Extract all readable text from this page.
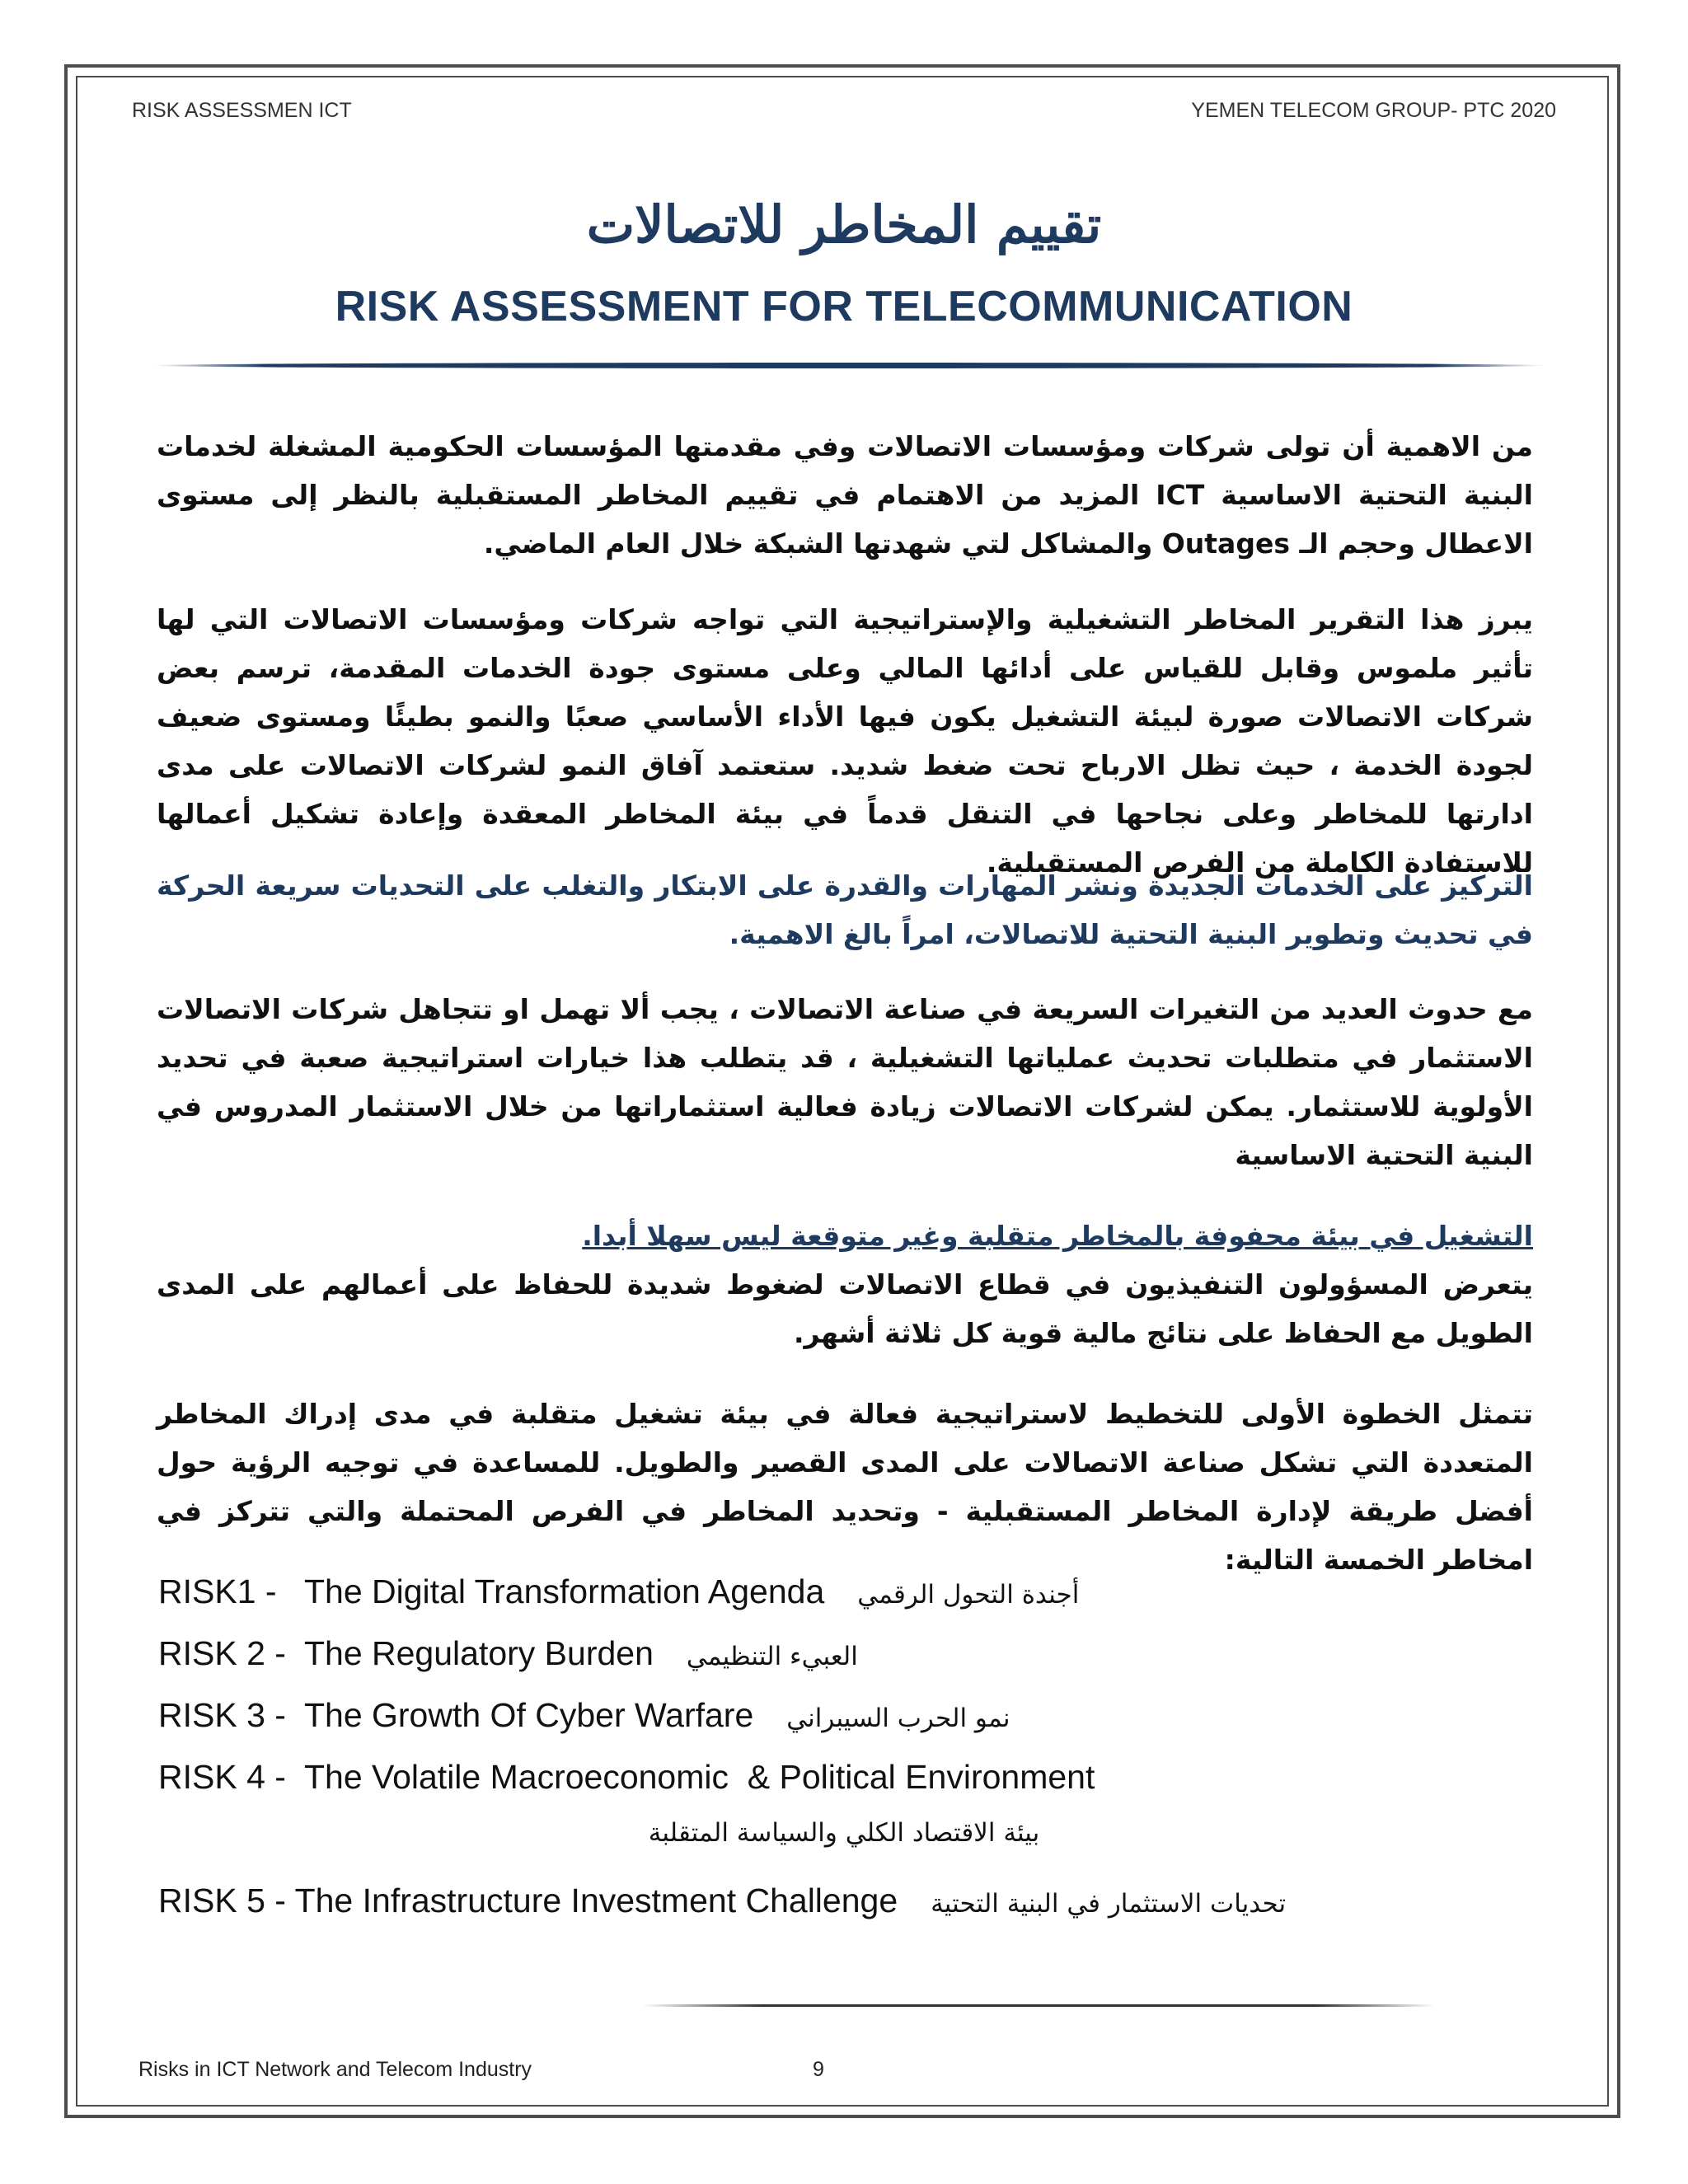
RISK ASSESSMEN ICT	YEMEN TELECOM GROUP- PTC 2020
تقييم المخاطر للاتصالات
RISK ASSESSMENT FOR TELECOMMUNICATION

من الاهمية أن تولى شركات ومؤسسات الاتصالات وفي مقدمتها المؤسسات الحكومية المشغلة لخدمات البنية التحتية الاساسية ICT المزيد من الاهتمام في تقييم المخاطر المستقبلية بالنظر إلى مستوى الاعطال وحجم الـ Outages والمشاكل لتي شهدتها الشبكة خلال العام الماضي.

يبرز هذا التقرير المخاطر التشغيلية والإستراتيجية التي تواجه شركات ومؤسسات الاتصالات التي لها تأثير ملموس وقابل للقياس على أدائها المالي وعلى مستوى جودة الخدمات المقدمة، ترسم بعض شركات الاتصالات صورة لبيئة التشغيل يكون فيها الأداء الأساسي صعبًا والنمو بطيئًا ومستوى ضعيف لجودة الخدمة ، حيث تظل الارباح تحت ضغط شديد. ستعتمد آفاق النمو لشركات الاتصالات على مدى ادارتها للمخاطر وعلى نجاحها في التنقل قدماً في بيئة المخاطر المعقدة وإعادة تشكيل أعمالها للاستفادة الكاملة من الفرص المستقبلية.

التركيز على الخدمات الجديدة ونشر المهارات والقدرة على الابتكار والتغلب على التحديات سريعة الحركة في تحديث وتطوير البنية التحتية للاتصالات، امراً بالغ الاهمية.

مع حدوث العديد من التغيرات السريعة في صناعة الاتصالات ، يجب ألا تهمل او تتجاهل شركات الاتصالات الاستثمار في متطلبات تحديث عملياتها التشغيلية ، قد يتطلب هذا خيارات استراتيجية صعبة في تحديد الأولوية للاستثمار. يمكن لشركات الاتصالات زيادة فعالية استثماراتها من خلال الاستثمار المدروس في البنية التحتية الاساسية

التشغيل في بيئة محفوفة بالمخاطر متقلبة وغير متوقعة ليس سهلا أبدا.

يتعرض المسؤولون التنفيذيون في قطاع الاتصالات لضغوط شديدة للحفاظ على أعمالهم على المدى الطويل مع الحفاظ على نتائج مالية قوية كل ثلاثة أشهر.

تتمثل الخطوة الأولى للتخطيط لاستراتيجية فعالة في بيئة تشغيل متقلبة في مدى إدراك المخاطر المتعددة التي تشكل صناعة الاتصالات على المدى القصير والطويل. للمساعدة في توجيه الرؤية حول أفضل طريقة لإدارة المخاطر المستقبلية - وتحديد المخاطر في الفرص المحتملة والتي تتركز في امخاطر الخمسة التالية:

RISK1 -   The Digital Transformation Agenda أجندة التحول الرقمي
RISK 2 -  The Regulatory Burden العبيء التنظيمي
RISK 3 -  The Growth Of Cyber Warfare نمو الحرب السيبراني
RISK 4 -  The Volatile Macroeconomic  & Political Environment
بيئة الاقتصاد الكلي والسياسة المتقلبة
RISK 5 - The Infrastructure Investment Challenge تحديات الاستثمار في البنية التحتية
Risks in ICT Network and Telecom Industry	9
